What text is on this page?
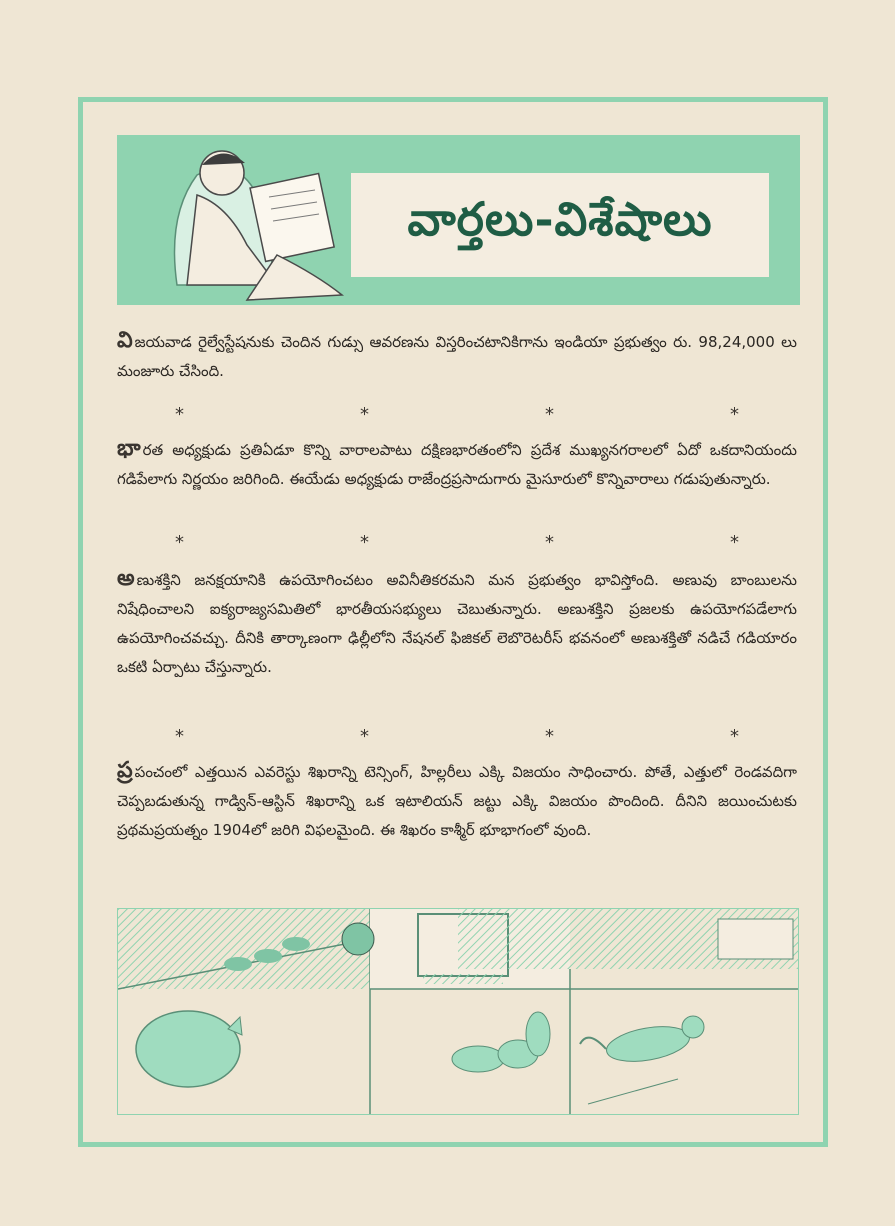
వార్తలు-విశేషాలు
వి జయవాడ రైల్వేస్టేషనుకు చెందిన గుడ్సు ఆవరణను విస్తరించటానికిగాను ఇండియా ప్రభుత్వం రు. 98,24,000 లు మంజూరు చేసింది.
*	*	*	*
భా రత అధ్యక్షుడు ప్రతిఏడూ కొన్ని వారాలపాటు దక్షిణభారతంలోని ప్రదేశ ముఖ్యనగరాలలో ఏదో ఒకదానియందు గడిపేలాగు నిర్ణయం జరిగింది. ఈయేడు అధ్యక్షుడు రాజేంద్రప్రసాదుగారు మైసూరులో కొన్నివారాలు గడుపుతున్నారు.
*	*	*	*
అ ణుశక్తిని జనక్షయానికి ఉపయోగించటం అవినీతికరమని మన ప్రభుత్వం భావిస్తోంది. అణువు బాంబులను నిషేధించాలని ఐక్యరాజ్యసమితిలో భారతీయసభ్యులు చెబుతున్నారు. అణుశక్తిని ప్రజలకు ఉపయోగపడేలాగు ఉపయోగించవచ్చు. దీనికి తార్కాణంగా ఢిల్లీలోని నేషనల్ ఫిజికల్ లెబొరెటరీస్ భవనంలో అణుశక్తితో నడిచే గడియారం ఒకటి ఏర్పాటు చేస్తున్నారు.
*	*	*	*
ప్ర పంచంలో ఎత్తయిన ఎవరెస్టు శిఖరాన్ని టెన్సింగ్, హిల్లరీలు ఎక్కి విజయం సాధించారు. పోతే, ఎత్తులో రెండవదిగా చెప్పబడుతున్న గాడ్విన్-ఆస్టిన్ శిఖరాన్ని ఒక ఇటాలియన్ జట్టు ఎక్కి విజయం పొందింది. దీనిని జయించుటకు ప్రథమప్రయత్నం 1904లో జరిగి విఫలమైంది. ఈ శిఖరం కాశ్మీర్ భూభాగంలో వుంది.
